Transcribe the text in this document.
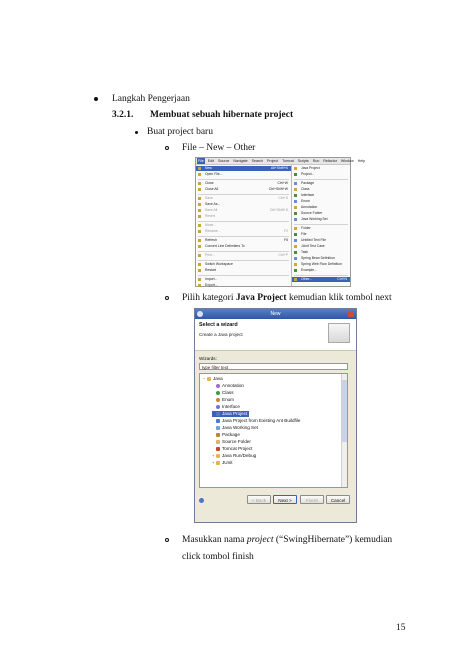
Langkah Pengerjaan
3.2.1. Membuat sebuah hibernate project
Buat project baru
File – New – Other
File Edit Source Navigate Search Project Tomcat Scripts Run Refactor Window Help
New	Alt+Shift+N
Open File...
Close	Ctrl+W
Close All	Ctrl+Shift+W
Save	Ctrl+S
Save As...
Save All	Ctrl+Shift+S
Revert
Move...
Rename...	F2
Refresh	F5
Convert Line Delimiters To
Print...	Ctrl+P
Switch Workspace
Restart
Import...
Export...
Java Project
Project...
Package
Class
Interface
Enum
Annotation
Source Folder
Java Working Set
Folder
File
Untitled Text File
JUnit Test Case
Task
Spring Bean Definition
Spring Web Flow Definition
Example...
Other...	Ctrl+N
Pilih kategori Java Project kemudian klik tombol next
New
Select a wizard
Create a Java project
Wizards:
type filter text
− Java
Annotation
Class
Enum
Interface
Java Project
Java Project from Existing Ant Buildfile
Java Working Set
Package
Source Folder
Tomcat Project
+ Java Run/Debug
+ JUnit
< Back	Next >	Finish	Cancel
Masukkan nama project (“SwingHibernate”) kemudian
click tombol finish
15
